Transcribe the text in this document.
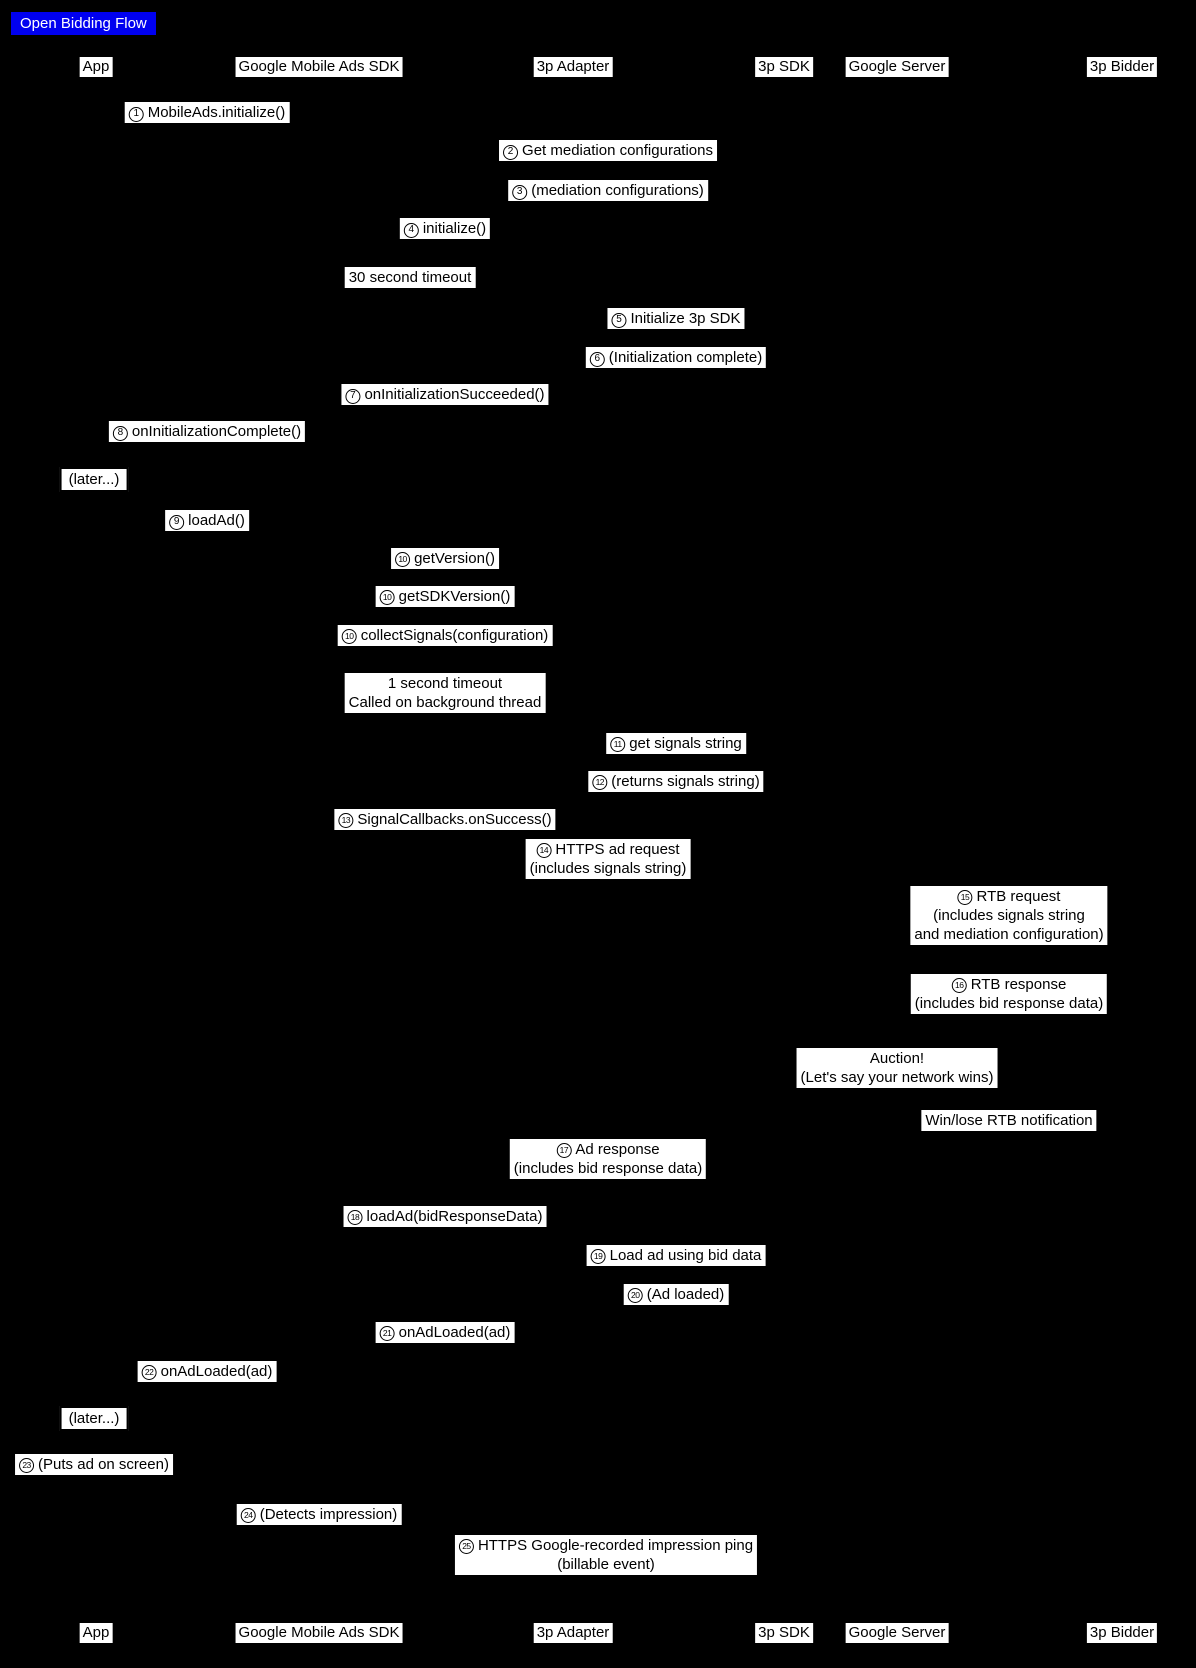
Open Bidding Flow
App
App
Google Mobile Ads SDK
Google Mobile Ads SDK
3p Adapter
3p Adapter
3p SDK
3p SDK
Google Server
Google Server
3p Bidder
3p Bidder
1 MobileAds.initialize()
2 Get mediation configurations
3 (mediation configurations)
4 initialize()
30 second timeout
5 Initialize 3p SDK
6 (Initialization complete)
7 onInitializationSucceeded()
8 onInitializationComplete()
(later...)
9 loadAd()
10 getVersion()
10 getSDKVersion()
10 collectSignals(configuration)
1 second timeout
Called on background thread
11 get signals string
12 (returns signals string)
13 SignalCallbacks.onSuccess()
14 HTTPS ad request
(includes signals string)
15 RTB request
(includes signals string
and mediation configuration)
16 RTB response
(includes bid response data)
Auction!
(Let's say your network wins)
Win/lose RTB notification
17 Ad response
(includes bid response data)
18 loadAd(bidResponseData)
19 Load ad using bid data
20 (Ad loaded)
21 onAdLoaded(ad)
22 onAdLoaded(ad)
(later...)
23 (Puts ad on screen)
24 (Detects impression)
25 HTTPS Google-recorded impression ping
(billable event)
